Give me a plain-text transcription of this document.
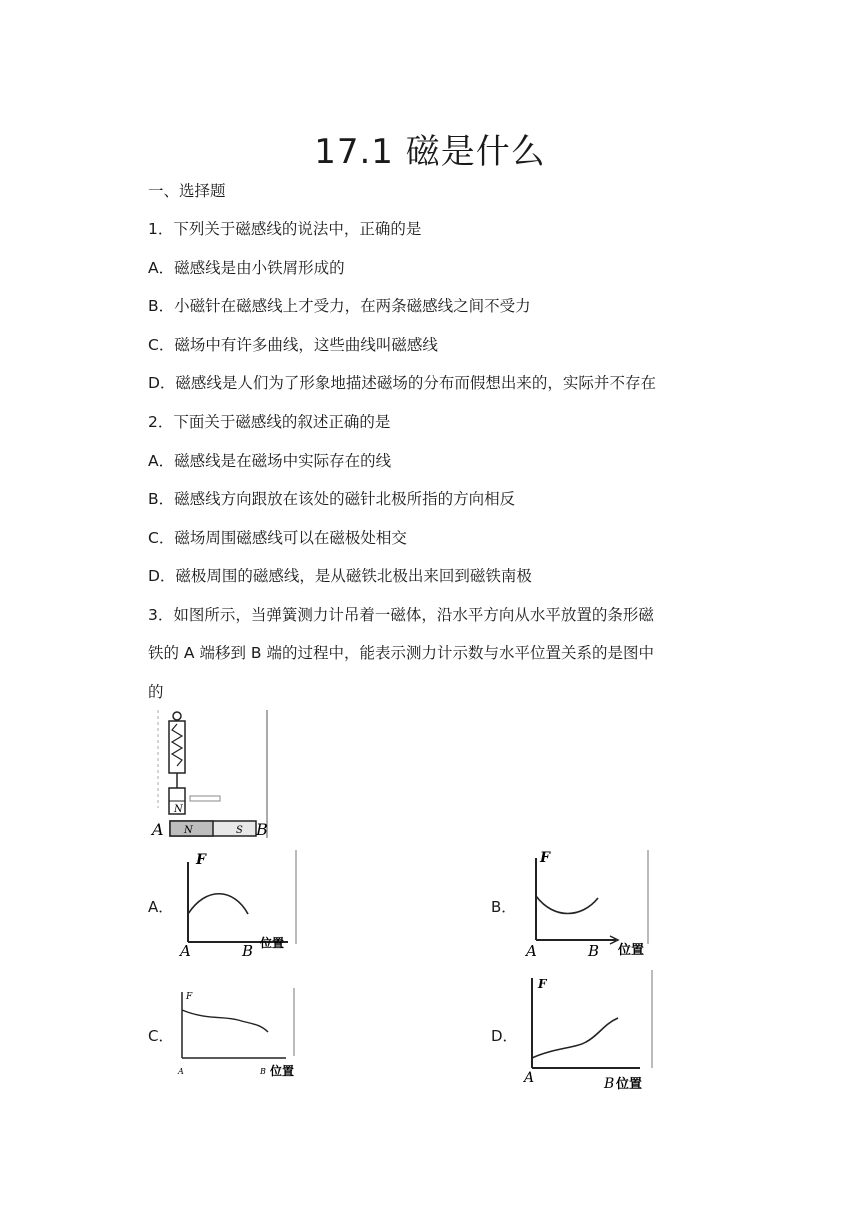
17.1 磁是什么
一、选择题
1．下列关于磁感线的说法中，正确的是
A．磁感线是由小铁屑形成的
B．小磁针在磁感线上才受力，在两条磁感线之间不受力
C．磁场中有许多曲线，这些曲线叫磁感线
D．磁感线是人们为了形象地描述磁场的分布而假想出来的，实际并不存在
2．下面关于磁感线的叙述正确的是
A．磁感线是在磁场中实际存在的线
B．磁感线方向跟放在该处的磁针北极所指的方向相反
C．磁场周围磁感线可以在磁极处相交
D．磁极周围的磁感线，是从磁铁北极出来回到磁铁南极
3．如图所示，当弹簧测力计吊着一磁体，沿水平方向从水平放置的条形磁
铁的 A 端移到 B 端的过程中，能表示测力计示数与水平位置关系的是图中
的
N
N	S
A	B
A．
F
A	B 位置
B．
F
A	B 位置
C．
F
A	B 位置
D．
F
A	B 位置
